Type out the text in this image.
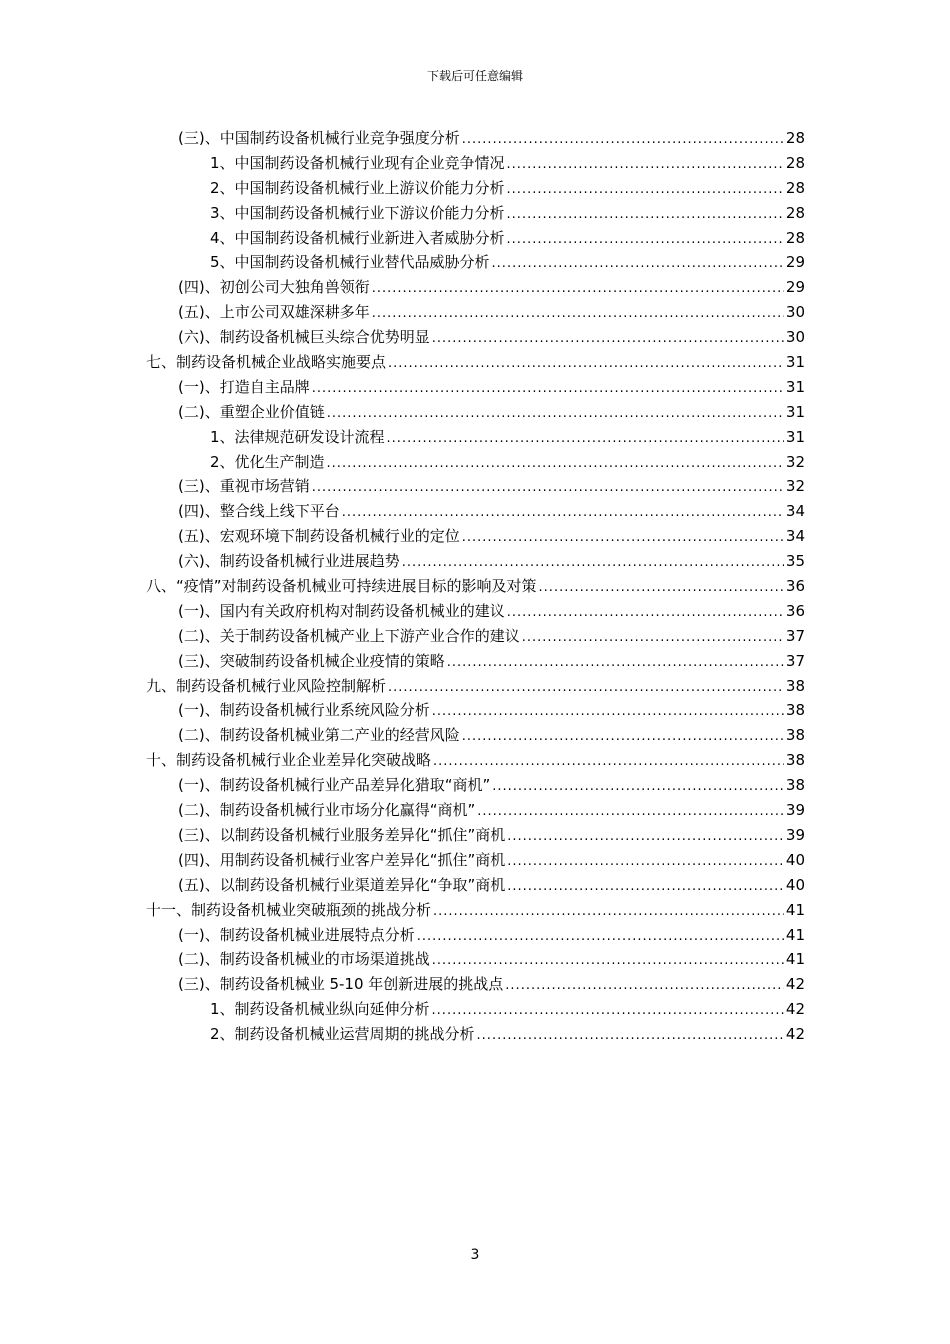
下载后可任意编辑
(三)、中国制药设备机械行业竞争强度分析 .....	28
1、中国制药设备机械行业现有企业竞争情况 .....	28
2、中国制药设备机械行业上游议价能力分析 .....	28
3、中国制药设备机械行业下游议价能力分析 .....	28
4、中国制药设备机械行业新进入者威胁分析 .....	28
5、中国制药设备机械行业替代品威胁分析 .....	29
(四)、初创公司大独角兽领衔 .....	29
(五)、上市公司双雄深耕多年 .....	30
(六)、制药设备机械巨头综合优势明显 .....	30
七、制药设备机械企业战略实施要点 .....	31
(一)、打造自主品牌 .....	31
(二)、重塑企业价值链 .....	31
1、法律规范研发设计流程 .....	31
2、优化生产制造 .....	32
(三)、重视市场营销 .....	32
(四)、整合线上线下平台 .....	34
(五)、宏观环境下制药设备机械行业的定位 .....	34
(六)、制药设备机械行业进展趋势 .....	35
八、“疫情”对制药设备机械业可持续进展目标的影响及对策 .....	36
(一)、国内有关政府机构对制药设备机械业的建议 .....	36
(二)、关于制药设备机械产业上下游产业合作的建议 .....	37
(三)、突破制药设备机械企业疫情的策略 .....	37
九、制药设备机械行业风险控制解析 .....	38
(一)、制药设备机械行业系统风险分析 .....	38
(二)、制药设备机械业第二产业的经营风险 .....	38
十、制药设备机械行业企业差异化突破战略 .....	38
(一)、制药设备机械行业产品差异化猎取“商机” .....	38
(二)、制药设备机械行业市场分化赢得“商机” .....	39
(三)、以制药设备机械行业服务差异化“抓住”商机 .....	39
(四)、用制药设备机械行业客户差异化“抓住”商机 .....	40
(五)、以制药设备机械行业渠道差异化“争取”商机 .....	40
十一、制药设备机械业突破瓶颈的挑战分析 .....	41
(一)、制药设备机械业进展特点分析 .....	41
(二)、制药设备机械业的市场渠道挑战 .....	41
(三)、制药设备机械业 5-10 年创新进展的挑战点 .....	42
1、制药设备机械业纵向延伸分析 .....	42
2、制药设备机械业运营周期的挑战分析 .....	42
3
